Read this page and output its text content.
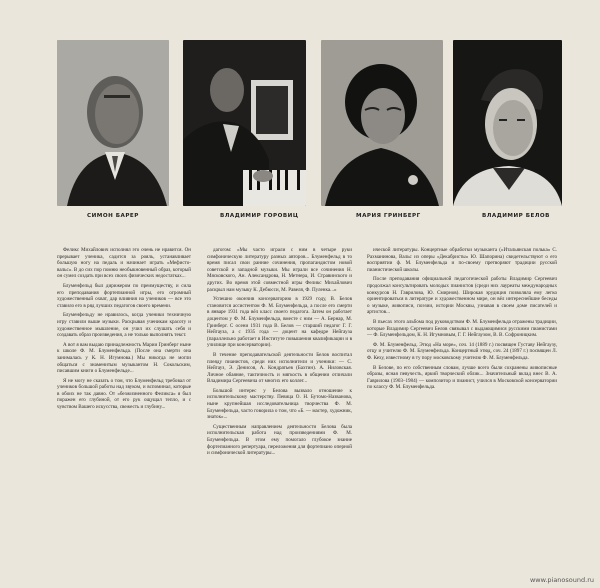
СИМОН БАРЕР	ВЛАДИМИР ГОРОВИЦ	МАРИЯ ГРИНБЕРГ	ВЛАДИМИР БЕЛОВ

Феликс Михайлович исполнял это очень не нравится. Он прерывает ученика, садится за рояль, устанавливает большую ногу на педаль и начинает играть «Мефисто-вальс». В до сих пор помню необыкновенный образ, который он сумел создать при всех своих физических недостатках...

Блуменфельд был дирижером по преимуществу, и сила его преподавания фортепианной игры, его огромный художественный охват, дар влияния на учеников — все это ставило его в ряд лучших педагогов своего времени.

Блуменфельду не нравилось, когда ученики техничную игру ставили выше музыки. Раскрывая ученикам красоту и художественное мышление, он учил их слушать себя и создавать образ произведения, а не только выполнять текст.

А вот я вам выдаю принадлежность Марии Гринберг ныне к школе Ф. М. Блуменфельда. (После она смерти она занималась у К. Н. Игумнова.) Мы никогда не могли общаться с знаменитым музыкантом Н. Сокольским, писавшим книги о Блуменфельде...

Я не могу не сказать о том, что Блуменфельд требовал от учеников большой работы над звуком, и вспоминал, которые в обоих не так давно. От «безжизненного Феликса» я был поражен его глубиной, от его рук ощущал тепло, и с чувством Вашего искусства, свежесть и глубину...

дагогом: «Мы часто играли с ним в четыре руки симфоническую литературу разных авторов... Блуменфельд в то время писал свои ранние сочинения, пропагандистом новой советской и западной музыки. Мы играли все сочинения Н. Мясковского, Ан. Александрова, Н. Метнера, И. Стравинского и других. Во время этой совместной игры Феликс Михайлович раскрыл нам музыку К. Дебюсси, М. Равеля, Ф. Пуленка...»

Успешно окончив консерваторию в 1929 году, В. Белов становится ассистентом Ф. М. Блуменфельда, а после его смерти в январе 1931 года вёл класс своего педагога. Затем он работает доцентом у Ф. М. Блуменфельда, вместе с ним — А. Бернар, М. Гринберг. С осени 1931 года В. Белов — старший педагог Г. Г. Нейгауза, а с 1935 года — доцент на кафедре Нейгауза (параллельно работает в Институте повышения квалификации и в училище при консерватории).

В течение преподавательской деятельности Белов воспитал плеяду пианистов, среди них исполнители и ученики: — С. Нейгауз, Э. Денисов, А. Кондратьев (Бахтин). А. Ниловская. Личное обаяние, тактичность и мягкость в общении отличали Владимира Сергеевича от многих его коллег...

Большой интерес у Белова вызвало отношение к исполнительскому мастерству. Певица О. Н. Бутомо-Названова, ныне крупнейшая исследовательница творчества Ф. М. Блуменфельда, часто говорила о том, что «Б. — мастер, художник, знаток»...

Существенным направлением деятельности Белова была исполнительская работа над произведениями Ф. М. Блуменфельда. В этом ему помогало глубокое знание фортепианного репертуара, переложения для фортепиано оперной и симфонической литературы...

ической литературы. Концертные обработки музыканта («Итальянская полька» С. Рахманинова, Вальс из оперы «Декабристы» Ю. Шапорина) свидетельствуют о его восприятии ф. М. Блуменфельда и по-своему претворяют традиции русской пианистической школы.

После преподавания официальной педагогической работы Владимир Сергеевич продолжал консультировать молодых пианистов (среди них лауреаты международных конкурсов Н. Гаврилова, Ю. Смирнов). Широкая эрудиция позволяла ему легко ориентироваться в литературе и художественном мире, он вёл интереснейшие беседы о музыке, живописи, поэзии, истории Москвы, узнавая в своем доме писателей и артистов...

В пьесах этого альбома под руководством Ф. М. Блуменфельда отражены традиции, которые Владимир Сергеевич Белов связывал с выдающимися русскими пианистами — Ф. Блуменфельдом, К. Н. Игумновым, Г. Г. Нейгаузом, В. В. Софроницким.

Ф. М. Блуменфельд. Этюд «На море», соч. 14 (1889 г.) посвящен Густаву Нейгаузу, отцу и учителю Ф. М. Блуменфельда. Концертный этюд, соч. 24 (1897 г.) посвящен Л. Ф. Кеху, известному в ту пору московскому учителю Ф. М. Блуменфельда.

В Белове, по его собственным словам, лучше всего были сохранены живописные образы, ясная певучесть, яркий творческий облик... Значительный вклад внес В. А. Гаврилова (1903–1984) — композитор и пианист, учился в Московской консерватории по классу Ф. М. Блуменфельда.

www.pianosound.ru
